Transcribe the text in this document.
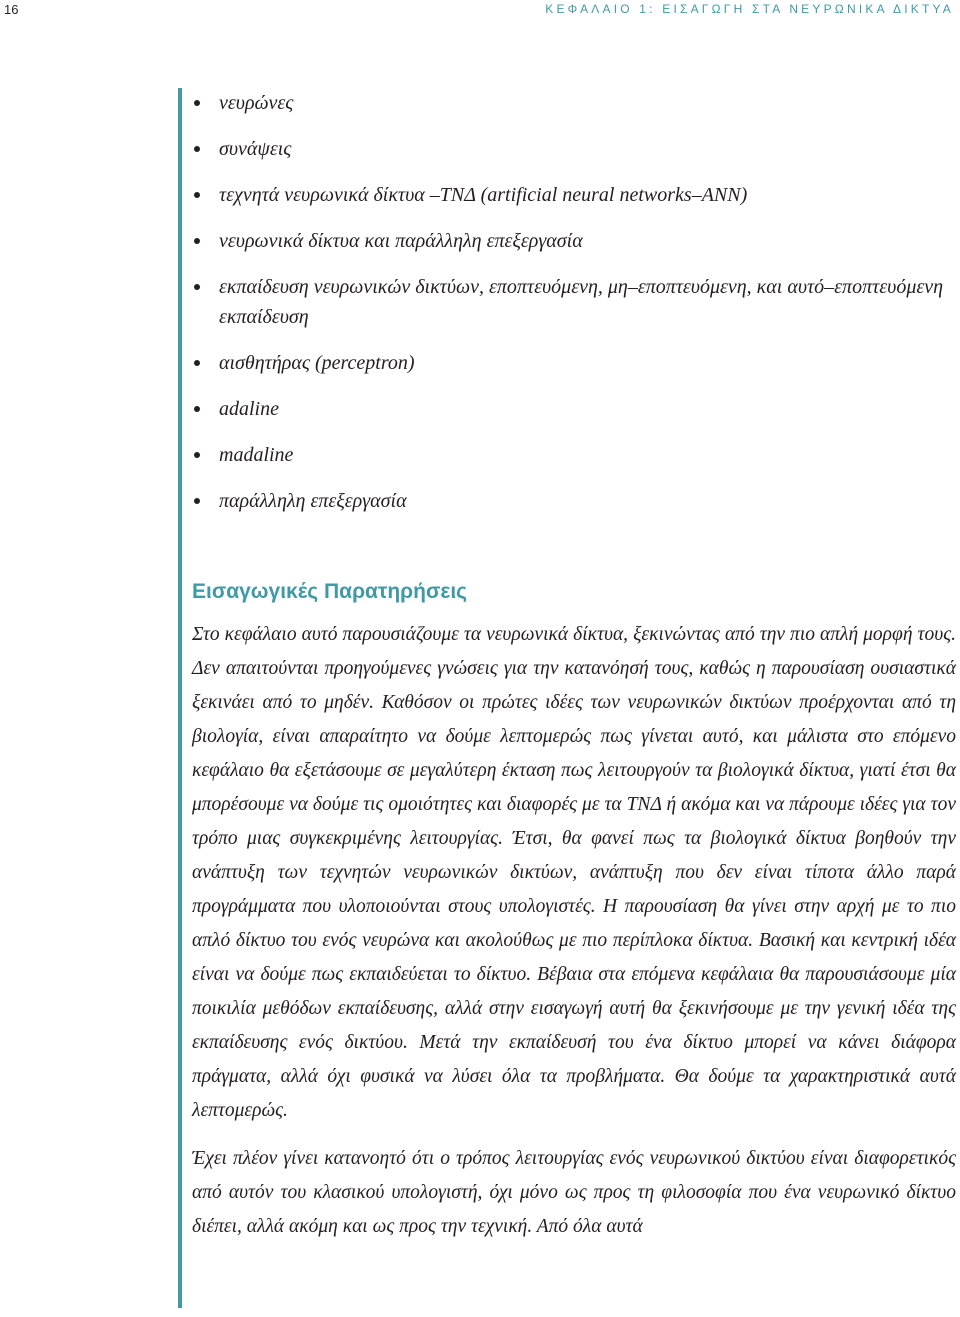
16	ΚΕΦΑΛΑΙΟ 1: ΕΙΣΑΓΩΓΗ ΣΤΑ ΝΕΥΡΩΝΙΚΑ ΔΙΚΤΥΑ
νευρώνες
συνάψεις
τεχνητά νευρωνικά δίκτυα –ΤΝΔ (artificial neural networks–ANN)
νευρωνικά δίκτυα και παράλληλη επεξεργασία
εκπαίδευση νευρωνικών δικτύων, εποπτευόμενη, μη–εποπτευόμενη, και αυτό–εποπτευόμενη εκπαίδευση
αισθητήρας (perceptron)
adaline
madaline
παράλληλη επεξεργασία
Εισαγωγικές Παρατηρήσεις

Στο κεφάλαιο αυτό παρουσιάζουμε τα νευρωνικά δίκτυα, ξεκινώντας από την πιο απλή μορφή τους. Δεν απαιτούνται προηγούμενες γνώσεις για την κατανόησή τους, καθώς η παρουσίαση ουσιαστικά ξεκινάει από το μηδέν. Καθόσον οι πρώτες ιδέες των νευρωνικών δικτύων προέρχονται από τη βιολογία, είναι απαραίτητο να δούμε λεπτομερώς πως γίνεται αυτό, και μάλιστα στο επόμενο κεφάλαιο θα εξετάσουμε σε μεγαλύτερη έκταση πως λειτουργούν τα βιολογικά δίκτυα, γιατί έτσι θα μπορέσουμε να δούμε τις ομοιότητες και διαφορές με τα ΤΝΔ ή ακόμα και να πάρουμε ιδέες για τον τρόπο μιας συγκεκριμένης λειτουργίας. Έτσι, θα φανεί πως τα βιολογικά δίκτυα βοηθούν την ανάπτυξη των τεχνητών νευρωνικών δικτύων, ανάπτυξη που δεν είναι τίποτα άλλο παρά προγράμματα που υλοποιούνται στους υπολογιστές. Η παρουσίαση θα γίνει στην αρχή με το πιο απλό δίκτυο του ενός νευρώνα και ακολούθως με πιο περίπλοκα δίκτυα. Βασική και κεντρική ιδέα είναι να δούμε πως εκπαιδεύεται το δίκτυο. Βέβαια στα επόμενα κεφάλαια θα παρουσιάσουμε μία ποικιλία μεθόδων εκπαίδευσης, αλλά στην εισαγωγή αυτή θα ξεκινήσουμε με την γενική ιδέα της εκπαίδευσης ενός δικτύου. Μετά την εκπαίδευσή του ένα δίκτυο μπορεί να κάνει διάφορα πράγματα, αλλά όχι φυσικά να λύσει όλα τα προβλήματα. Θα δούμε τα χαρακτηριστικά αυτά λεπτομερώς.

Έχει πλέον γίνει κατανοητό ότι ο τρόπος λειτουργίας ενός νευρωνικού δικτύου είναι διαφορετικός από αυτόν του κλασικού υπολογιστή, όχι μόνο ως προς τη φιλοσοφία που ένα νευρωνικό δίκτυο διέπει, αλλά ακόμη και ως προς την τεχνική. Από όλα αυτά
